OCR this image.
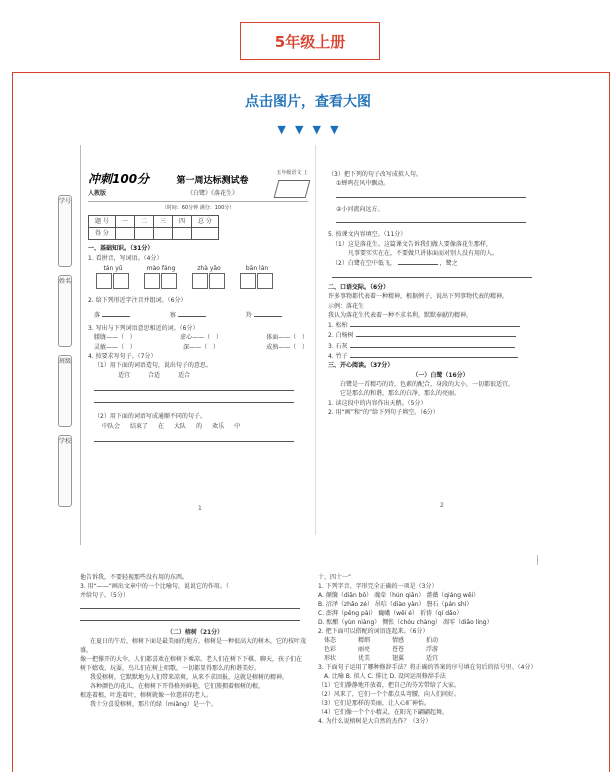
5年级上册
点击图片，查看大图
▼ ▼ ▼ ▼
学号
姓名
班级
学校
冲刺100分
人教版
第一周达标测试卷
《白鹭》《落花生》
五年级语文 上
（时间：60分钟 满分：100分）
题 号	一	二	三	四	总 分
得 分					
一、基础知识。（31分）
1. 看拼音，写词语。（4分）
tán yǔ	mào fáng	zhà yǎo	bān lán
2. 给下列形近字注音并组词。（6分）
落	察	羚
3. 写出与下列词语意思相近的词。（6分）
朦胧——（ ）	虚心——（ ）	体面——（ ）
灵敏——（ ）	深——（ ）	成熟——（ ）
4. 按要求写句子。（7分）
（1）用下面的词语造句，说出句子的意思。
适宜	合适	适合
（2）用下面的词语写成通顺不同的句子。
中队会 结束了 在 大队 的 欢乐 中
1
（3）把下列的句子改写成拟人句。
①蝉鸣在风中飘动。
②小河流向远方。
5. 按课文内容填空。（11分）
（1）这是落花生。这篇课文告诉我们做人要像落花生那样，
凡事要实实在在，不要做只讲体面而对别人没有用的人。
（2）白鹭在空中低飞，	，鹭之
二、口语交际。（6分）
许多事物都代表着一种精神，根据例子，说出下列事物代表的精神。
示例：落花生
我认为落花生代表着一种不求名利，默默奉献的精神。
1. 松柏
2. 白杨树
3. 石灰
4. 竹子
三、开心阅读。（37分）
（一）白鹭（16分）
白鹭是一首精巧的诗，色素的配合，身段的大小，一切都很适宜。
它是那么的和谐，那么的白净，那么的亮丽。
1. 读这段中的内容作出天鹅。（5分）
2. 用“画”和“的”给下列句子填空。（6分）
2
他告诉我，不要轻视那些没有用的东西。
3. 用“——”画出文章中的一个比喻句，说说它的作用。（
并给句子。（5分）
（二）榕树（21分）
在夏日的午后，榕树下面是最美丽的地方。榕树是一种很高大的树木，它的枝叶茂盛，
像一把撑开的大伞，人们都喜欢在榕树下乘凉。老人们在树下下棋、聊天，孩子们在
树下嬉戏、玩耍，鸟儿们在树上唱歌，一切都显得那么的和谐美好。
我爱榕树，它默默地为人们带来凉爽，从来不求回报，这就是榕树的精神。
各种颜色的花儿，在榕树下开得格外鲜艳，它们簇拥着榕树的根，
根连着根，叶连着叶，榕树就像一位慈祥的老人。
我十分喜爱榕树，那片的绿（miǎng）是一个。
十、四十一”
1. 下列字音、字形完全正确的一项是（3分）
A. 颠簸（diān bǒ） 魂牵（hún qiān） 蔷薇（qiáng wēi）
B. 沼泽（zhǎo zé） 吊唁（diào yàn） 磐石（pán shí）
C. 澎湃（pēng pài） 巍峨（wēi é） 祈祷（qí dǎo）
D. 酝酿（yùn niàng） 惆怅（chóu chàng） 凋零（diāo líng）
2. 把下面可以搭配的词语连起来。（6分）
体态	精细	情感	拍动
色彩	丽亮	苍苍	浮游
形状	优美	翅翼	适宜
3. 下面句子运用了哪种修辞手法？将正确的答案的序号填在句后的括号里。（4分）
A. 比喻 B. 拟人 C. 排比 D. 设问运用修辞手法
（1）它们静静地开放着，把自己的芬芳带给了大家。
（2）风来了，它们一个个都点头弯腰，向人们问好。
（3）它们是那样的美丽，让人心旷神怡。
（4）它们像一个个小精灵，在阳光下翩翩起舞。
4. 为什么说榕树是大自然的杰作？（3分）
